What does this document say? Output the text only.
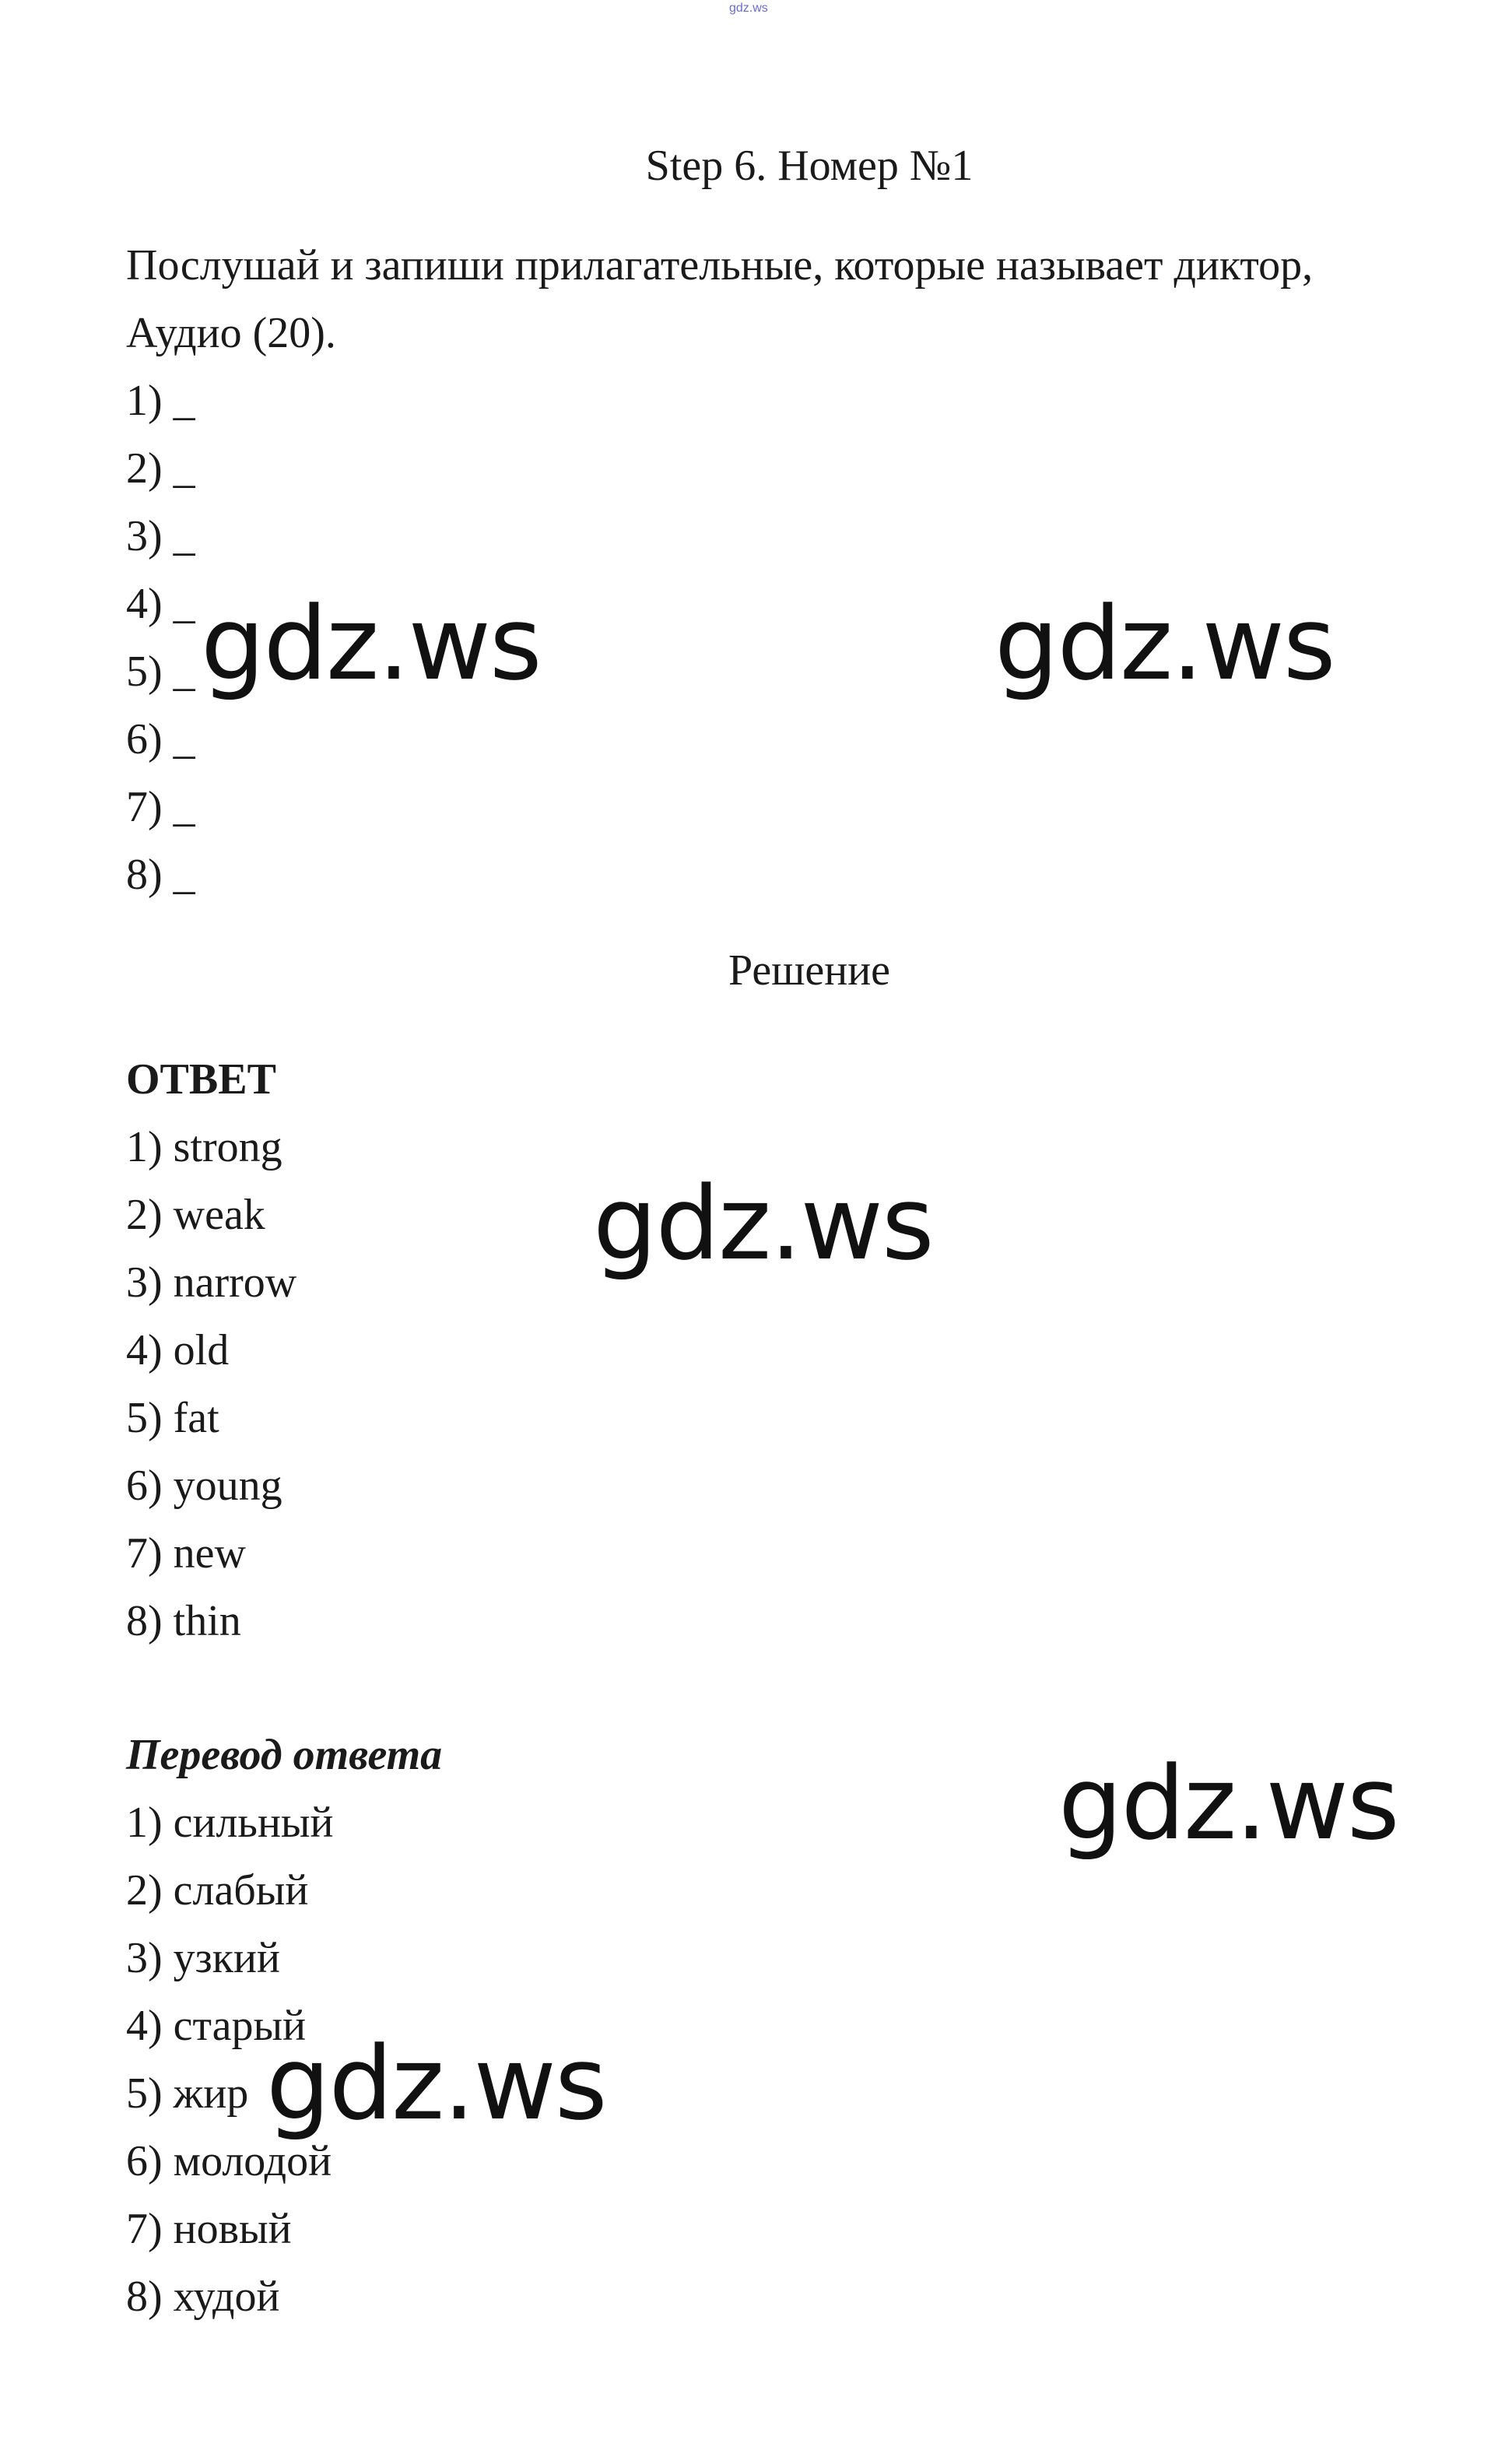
gdz.ws
Step 6. Номер №1
Послушай и запиши прилагательные, которые называет диктор,
Аудио (20).
1) _
2) _
3) _
4) _
5) _
6) _
7) _
8) _
Решение
ОТВЕТ
1) strong
2) weak
3) narrow
4) old
5) fat
6) young
7) new
8) thin
Перевод ответа
1) сильный
2) слабый
3) узкий
4) старый
5) жир
6) молодой
7) новый
8) худой
gdz.ws	gdz.ws
gdz.ws
gdz.ws
gdz.ws
